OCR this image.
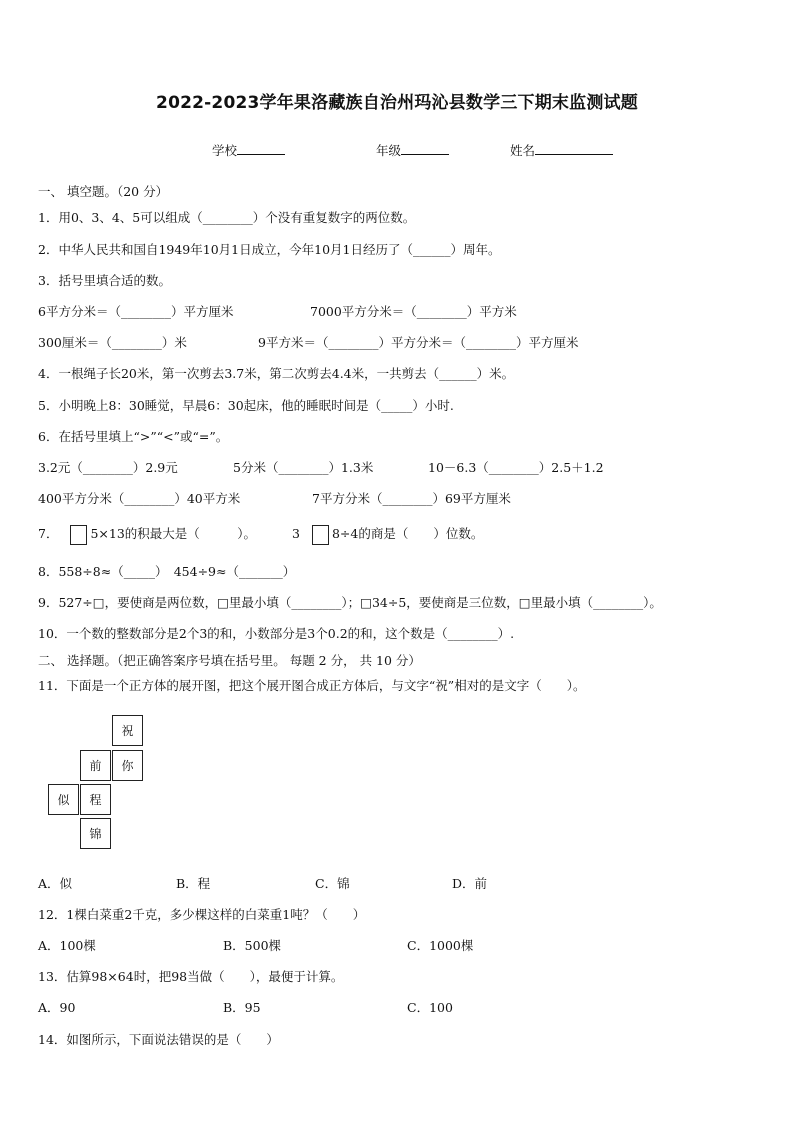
2022-2023学年果洛藏族自治州玛沁县数学三下期末监测试题
学校	年级	姓名
一、 填空题。（20 分）
1．用0、3、4、5可以组成（________）个没有重复数字的两位数。
2．中华人民共和国自1949年10月1日成立，今年10月1日经历了（______）周年。
3．括号里填合适的数。
6平方分米＝（________）平方厘米	7000平方分米＝（________）平方米
300厘米＝（________）米	9平方米＝（________）平方分米＝（________）平方厘米
4．一根绳子长20米，第一次剪去3.7米，第二次剪去4.4米，一共剪去（______）米。
5．小明晚上8：30睡觉，早晨6：30起床，他的睡眠时间是（_____）小时.
6．在括号里填上“>”“<”或“=”。
3.2元（________）2.9元	5分米（________）1.3米	10－6.3（________）2.5＋1.2
400平方分米（________）40平方米	7平方分米（________）69平方厘米
7．	5×13的积最大是（　　　）。	3	8÷4的商是（　　）位数。
8．558÷8≈（_____）　454÷9≈（_______）
9．527÷□，要使商是两位数，□里最小填（________）；□34÷5，要使商是三位数，□里最小填（________）。
10．一个数的整数部分是2个3的和，小数部分是3个0.2的和，这个数是（________）.
二、 选择题。（把正确答案序号填在括号里。 每题 2 分， 共 10 分）
11．下面是一个正方体的展开图，把这个展开图合成正方体后，与文字“祝”相对的是文字（　　）。
祝
前	你
似	程
锦
A．似	B．程	C．锦	D．前
12．1棵白菜重2千克，多少棵这样的白菜重1吨？（　　）
A．100棵	B．500棵	C．1000棵
13．估算98×64时，把98当做（　　），最便于计算。
A．90	B．95	C．100
14．如图所示，下面说法错误的是（　　）
